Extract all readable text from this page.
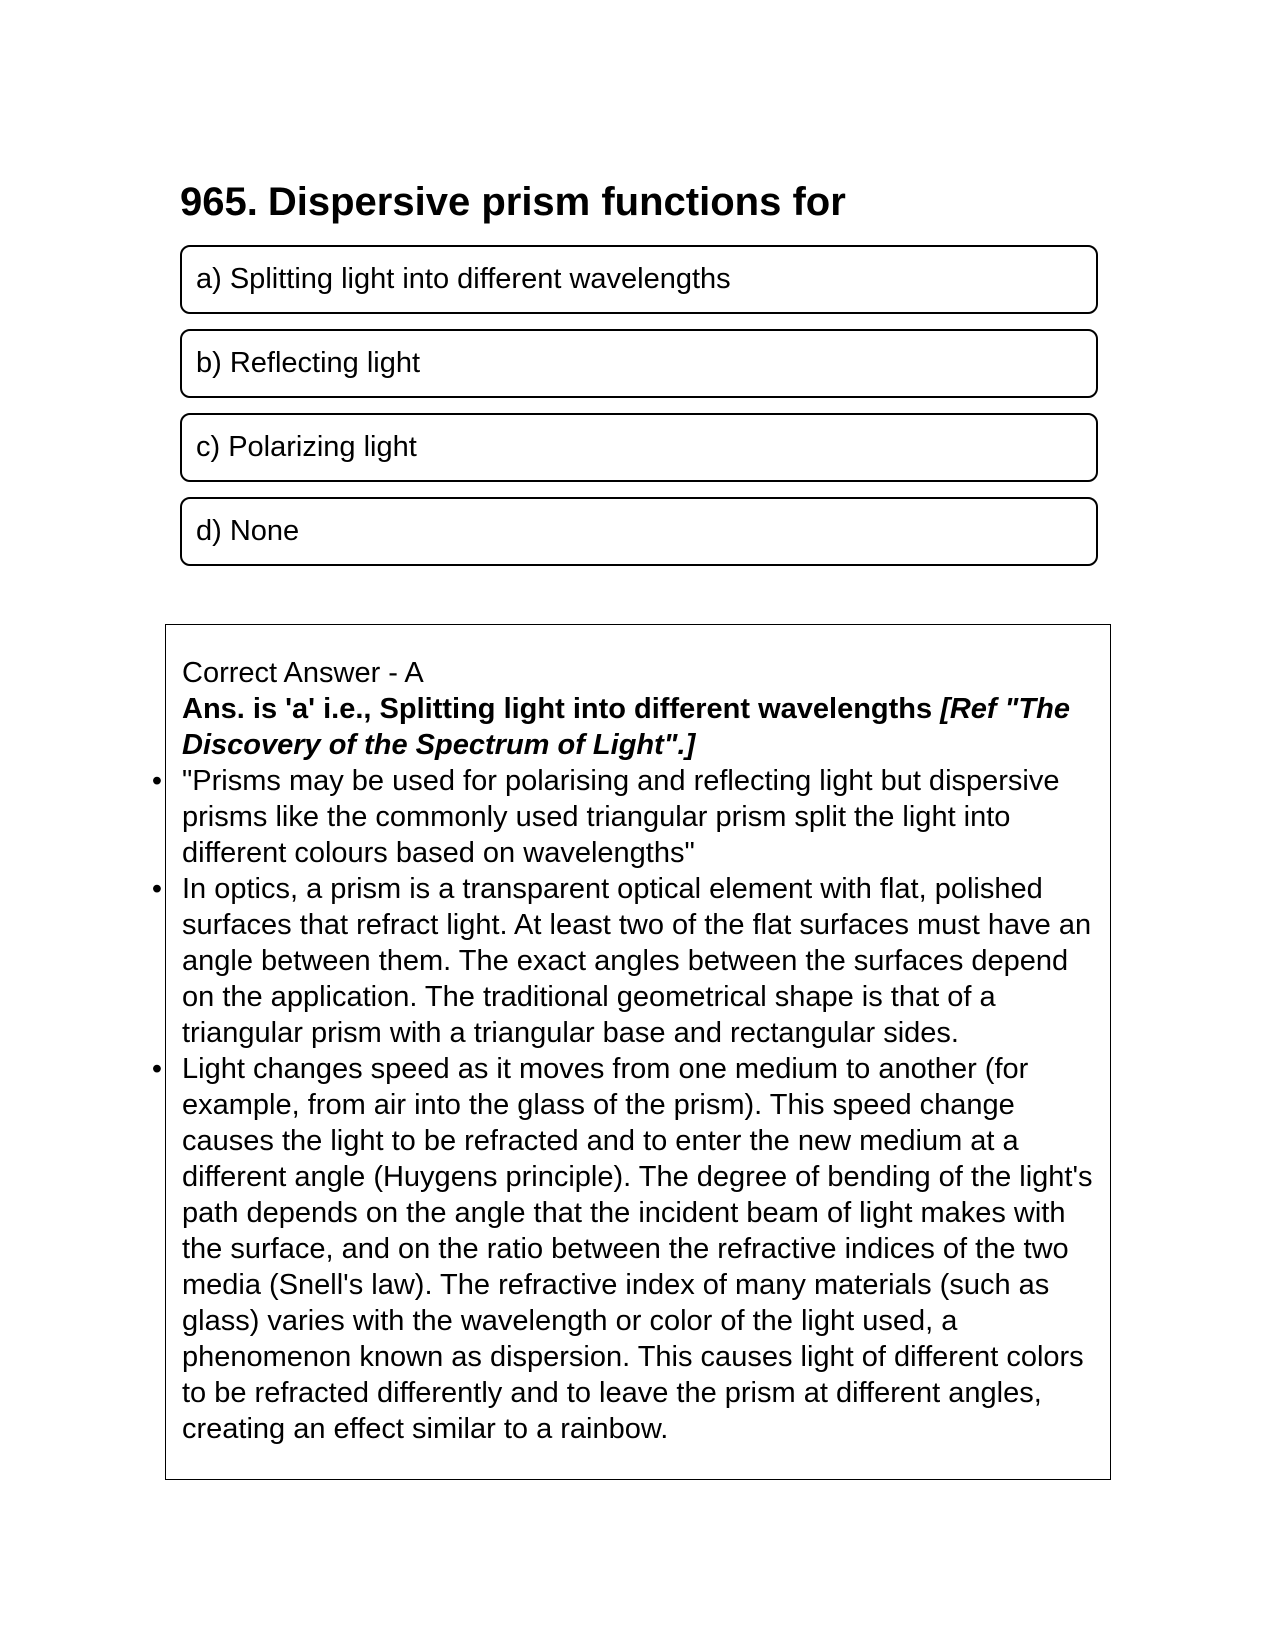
965. Dispersive prism functions for
a) Splitting light into different wavelengths
b) Reflecting light
c) Polarizing light
d) None

Correct Answer - A

Ans. is 'a' i.e., Splitting light into different wavelengths [Ref "The Discovery of the Spectrum of Light".]

• "Prisms may be used for polarising and reflecting light but dispersive prisms like the commonly used triangular prism split the light into different colours based on wavelengths"
• In optics, a prism is a transparent optical element with flat, polished surfaces that refract light. At least two of the flat surfaces must have an angle between them. The exact angles between the surfaces depend on the application. The traditional geometrical shape is that of a triangular prism with a triangular base and rectangular sides.
• Light changes speed as it moves from one medium to another (for example, from air into the glass of the prism). This speed change causes the light to be refracted and to enter the new medium at a different angle (Huygens principle). The degree of bending of the light's path depends on the angle that the incident beam of light makes with the surface, and on the ratio between the refractive indices of the two media (Snell's law). The refractive index of many materials (such as glass) varies with the wavelength or color of the light used, a phenomenon known as dispersion. This causes light of different colors to be refracted differently and to leave the prism at different angles, creating an effect similar to a rainbow.
